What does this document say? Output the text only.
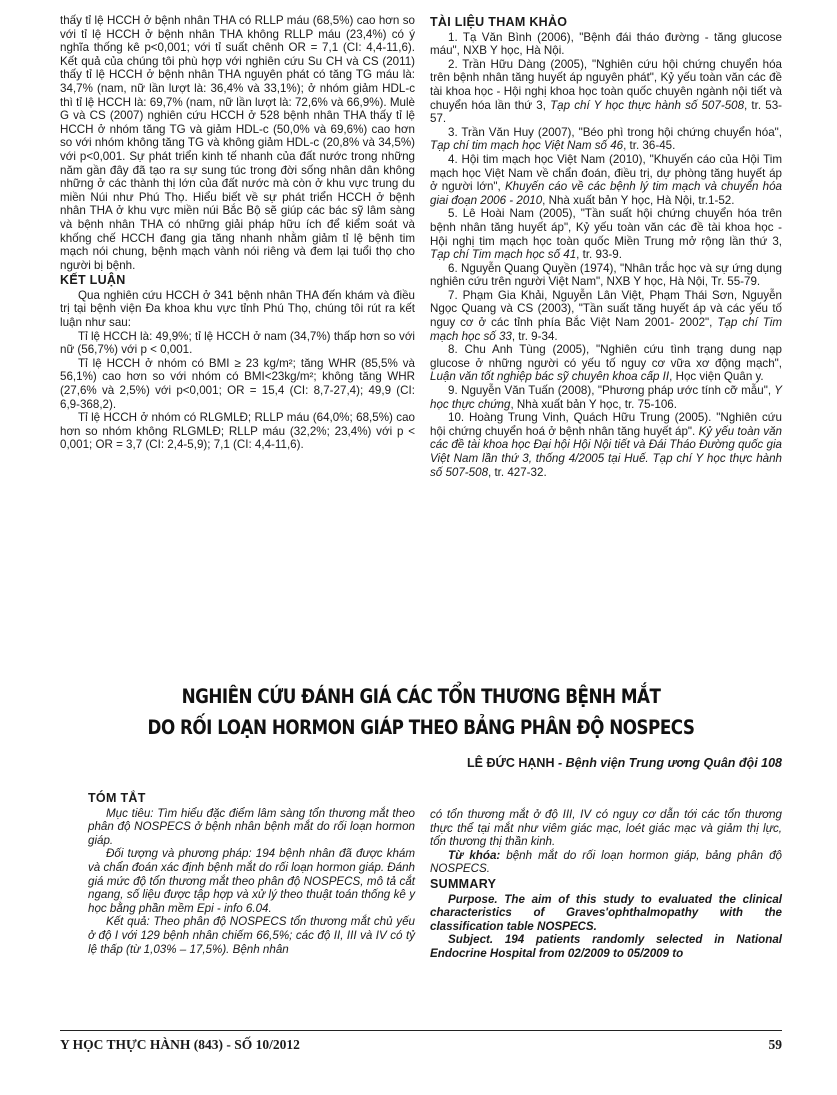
thấy tỉ lệ HCCH ở bệnh nhân THA có RLLP máu (68,5%) cao hơn so với tỉ lệ HCCH ở bệnh nhân THA không RLLP máu (23,4%) có ý nghĩa thống kê p<0,001; với tỉ suất chênh OR = 7,1 (CI: 4,4-11,6). Kết quả của chúng tôi phù hợp với nghiên cứu Su CH và CS (2011) thấy tỉ lệ HCCH ở bệnh nhân THA nguyên phát có tăng TG máu là: 34,7% (nam, nữ lần lượt là: 36,4% và 33,1%); ở nhóm giảm HDL-c thì tỉ lệ HCCH là: 69,7% (nam, nữ lần lượt là: 72,6% và 66,9%). Mulè G và CS (2007) nghiên cứu HCCH ở 528 bệnh nhân THA thấy tỉ lệ HCCH ở nhóm tăng TG và giảm HDL-c (50,0% và 69,6%) cao hơn so với nhóm không tăng TG và không giảm HDL-c (20,8% và 34,5%) với p<0,001. Sự phát triển kinh tế nhanh của đất nước trong những năm gần đây đã tạo ra sự sung túc trong đời sống nhân dân không những ở các thành thị lớn của đất nước mà còn ở khu vực trung du miền Núi như Phú Thọ. Hiểu biết về sự phát triển HCCH ở bệnh nhân THA ở khu vực miền núi Bắc Bộ sẽ giúp các bác sỹ lâm sàng và bệnh nhân THA có những giải pháp hữu ích để kiểm soát và khống chế HCCH đang gia tăng nhanh nhằm giảm tỉ lệ bệnh tim mạch nói chung, bệnh mạch vành nói riêng và đem lại tuổi thọ cho người bị bệnh.

KẾT LUẬN

Qua nghiên cứu HCCH ở 341 bệnh nhân THA đến khám và điều trị tại bệnh viện Đa khoa khu vực tỉnh Phú Thọ, chúng tôi rút ra kết luận như sau:

Tỉ lệ HCCH là: 49,9%; tỉ lệ HCCH ở nam (34,7%) thấp hơn so với nữ (56,7%) với p < 0,001.

Tỉ lệ HCCH ở nhóm có BMI ≥ 23 kg/m²; tăng WHR (85,5% và 56,1%) cao hơn so với nhóm có BMI<23kg/m²; không tăng WHR (27,6% và 2,5%) với p<0,001; OR = 15,4 (CI: 8,7-27,4); 49,9 (CI: 6,9-368,2).

Tỉ lệ HCCH ở nhóm có RLGMLĐ; RLLP máu (64,0%; 68,5%) cao hơn so nhóm không RLGMLĐ; RLLP máu (32,2%; 23,4%) với p < 0,001; OR = 3,7 (CI: 2,4-5,9); 7,1 (CI: 4,4-11,6).

TÀI LIỆU THAM KHẢO

1. Tạ Văn Bình (2006), "Bệnh đái tháo đường - tăng glucose máu", NXB Y học, Hà Nội.

2. Trần Hữu Dàng (2005), "Nghiên cứu hội chứng chuyển hóa trên bệnh nhân tăng huyết áp nguyên phát", Kỷ yếu toàn văn các đề tài khoa học - Hội nghị khoa học toàn quốc chuyên ngành nội tiết và chuyển hóa lần thứ 3, Tạp chí Y học thực hành số 507-508, tr. 53-57.

3. Trần Văn Huy (2007), "Béo phì trong hội chứng chuyển hóa", Tạp chí tim mạch học Việt Nam số 46, tr. 36-45.

4. Hội tim mạch học Việt Nam (2010), "Khuyến cáo của Hội Tim mạch học Việt Nam về chẩn đoán, điều trị, dự phòng tăng huyết áp ở người lớn", Khuyến cáo về các bệnh lý tim mạch và chuyển hóa giai đoạn 2006 - 2010, Nhà xuất bản Y học, Hà Nội, tr.1-52.

5. Lê Hoài Nam (2005), "Tần suất hội chứng chuyển hóa trên bệnh nhân tăng huyết áp", Kỷ yếu toàn văn các đề tài khoa học - Hội nghị tim mạch học toàn quốc Miền Trung mở rộng lần thứ 3, Tạp chí Tim mạch học số 41, tr. 93-9.

6. Nguyễn Quang Quyền (1974), "Nhân trắc học và sự ứng dụng nghiên cứu trên người Việt Nam", NXB Y học, Hà Nội, Tr. 55-79.

7. Phạm Gia Khải, Nguyễn Lân Việt, Phạm Thái Sơn, Nguyễn Ngọc Quang và CS (2003), "Tần suất tăng huyết áp và các yếu tố nguy cơ ở các tỉnh phía Bắc Việt Nam 2001- 2002", Tạp chí Tim mạch học số 33, tr. 9-34.

8. Chu Anh Tùng (2005), "Nghiên cứu tình trạng dung nạp glucose ở những người có yếu tố nguy cơ vữa xơ động mạch", Luận văn tốt nghiệp bác sỹ chuyên khoa cấp II, Học viện Quân y.

9. Nguyễn Văn Tuấn (2008), "Phương pháp ước tính cỡ mẫu", Y học thực chứng, Nhà xuất bản Y học, tr. 75-106.

10. Hoàng Trung Vinh, Quách Hữu Trung (2005). "Nghiên cứu hội chứng chuyển hoá ở bệnh nhân tăng huyết áp". Kỷ yếu toàn văn các đề tài khoa học Đại hội Hội Nội tiết và Đái Tháo Đường quốc gia Việt Nam lần thứ 3, thống 4/2005 tại Huế. Tạp chí Y học thực hành số 507-508, tr. 427-32.

NGHIÊN CỨU ĐÁNH GIÁ CÁC TỔN THƯƠNG BỆNH MẮT
DO RỐI LOẠN HORMON GIÁP THEO BẢNG PHÂN ĐỘ NOSPECS
LÊ ĐỨC HẠNH - Bệnh viện Trung ương Quân đội 108

TÓM TẮT

Mục tiêu: Tìm hiểu đặc điểm lâm sàng tổn thương mắt theo phân độ NOSPECS ở bệnh nhân bệnh mắt do rối loạn hormon giáp.

Đối tượng và phương pháp: 194 bệnh nhân đã được khám và chẩn đoán xác định bệnh mắt do rối loạn hormon giáp. Đánh giá mức độ tổn thương mắt theo phân độ NOSPECS, mô tả cắt ngang, số liệu được tập hợp và xử lý theo thuật toán thống kê y học bằng phần mềm Epi - info 6.04.

Kết quả: Theo phân độ NOSPECS tổn thương mắt chủ yếu ở độ I với 129 bệnh nhân chiếm 66,5%; các độ II, III và IV có tỷ lệ thấp (từ 1,03% – 17,5%). Bệnh nhân

có tổn thương mắt ở độ III, IV có nguy cơ dẫn tới các tổn thương thực thể tại mắt như viêm giác mạc, loét giác mạc và giảm thị lực, tổn thương thị thần kinh.

Từ khóa: bệnh mắt do rối loạn hormon giáp, bảng phân độ NOSPECS.

SUMMARY

Purpose. The aim of this study to evaluated the clinical characteristics of Graves'ophthalmopathy with the classification table NOSPECS.

Subject. 194 patients randomly selected in National Endocrine Hospital from 02/2009 to 05/2009 to

Y HỌC THỰC HÀNH (843) - SỐ 10/2012	59
